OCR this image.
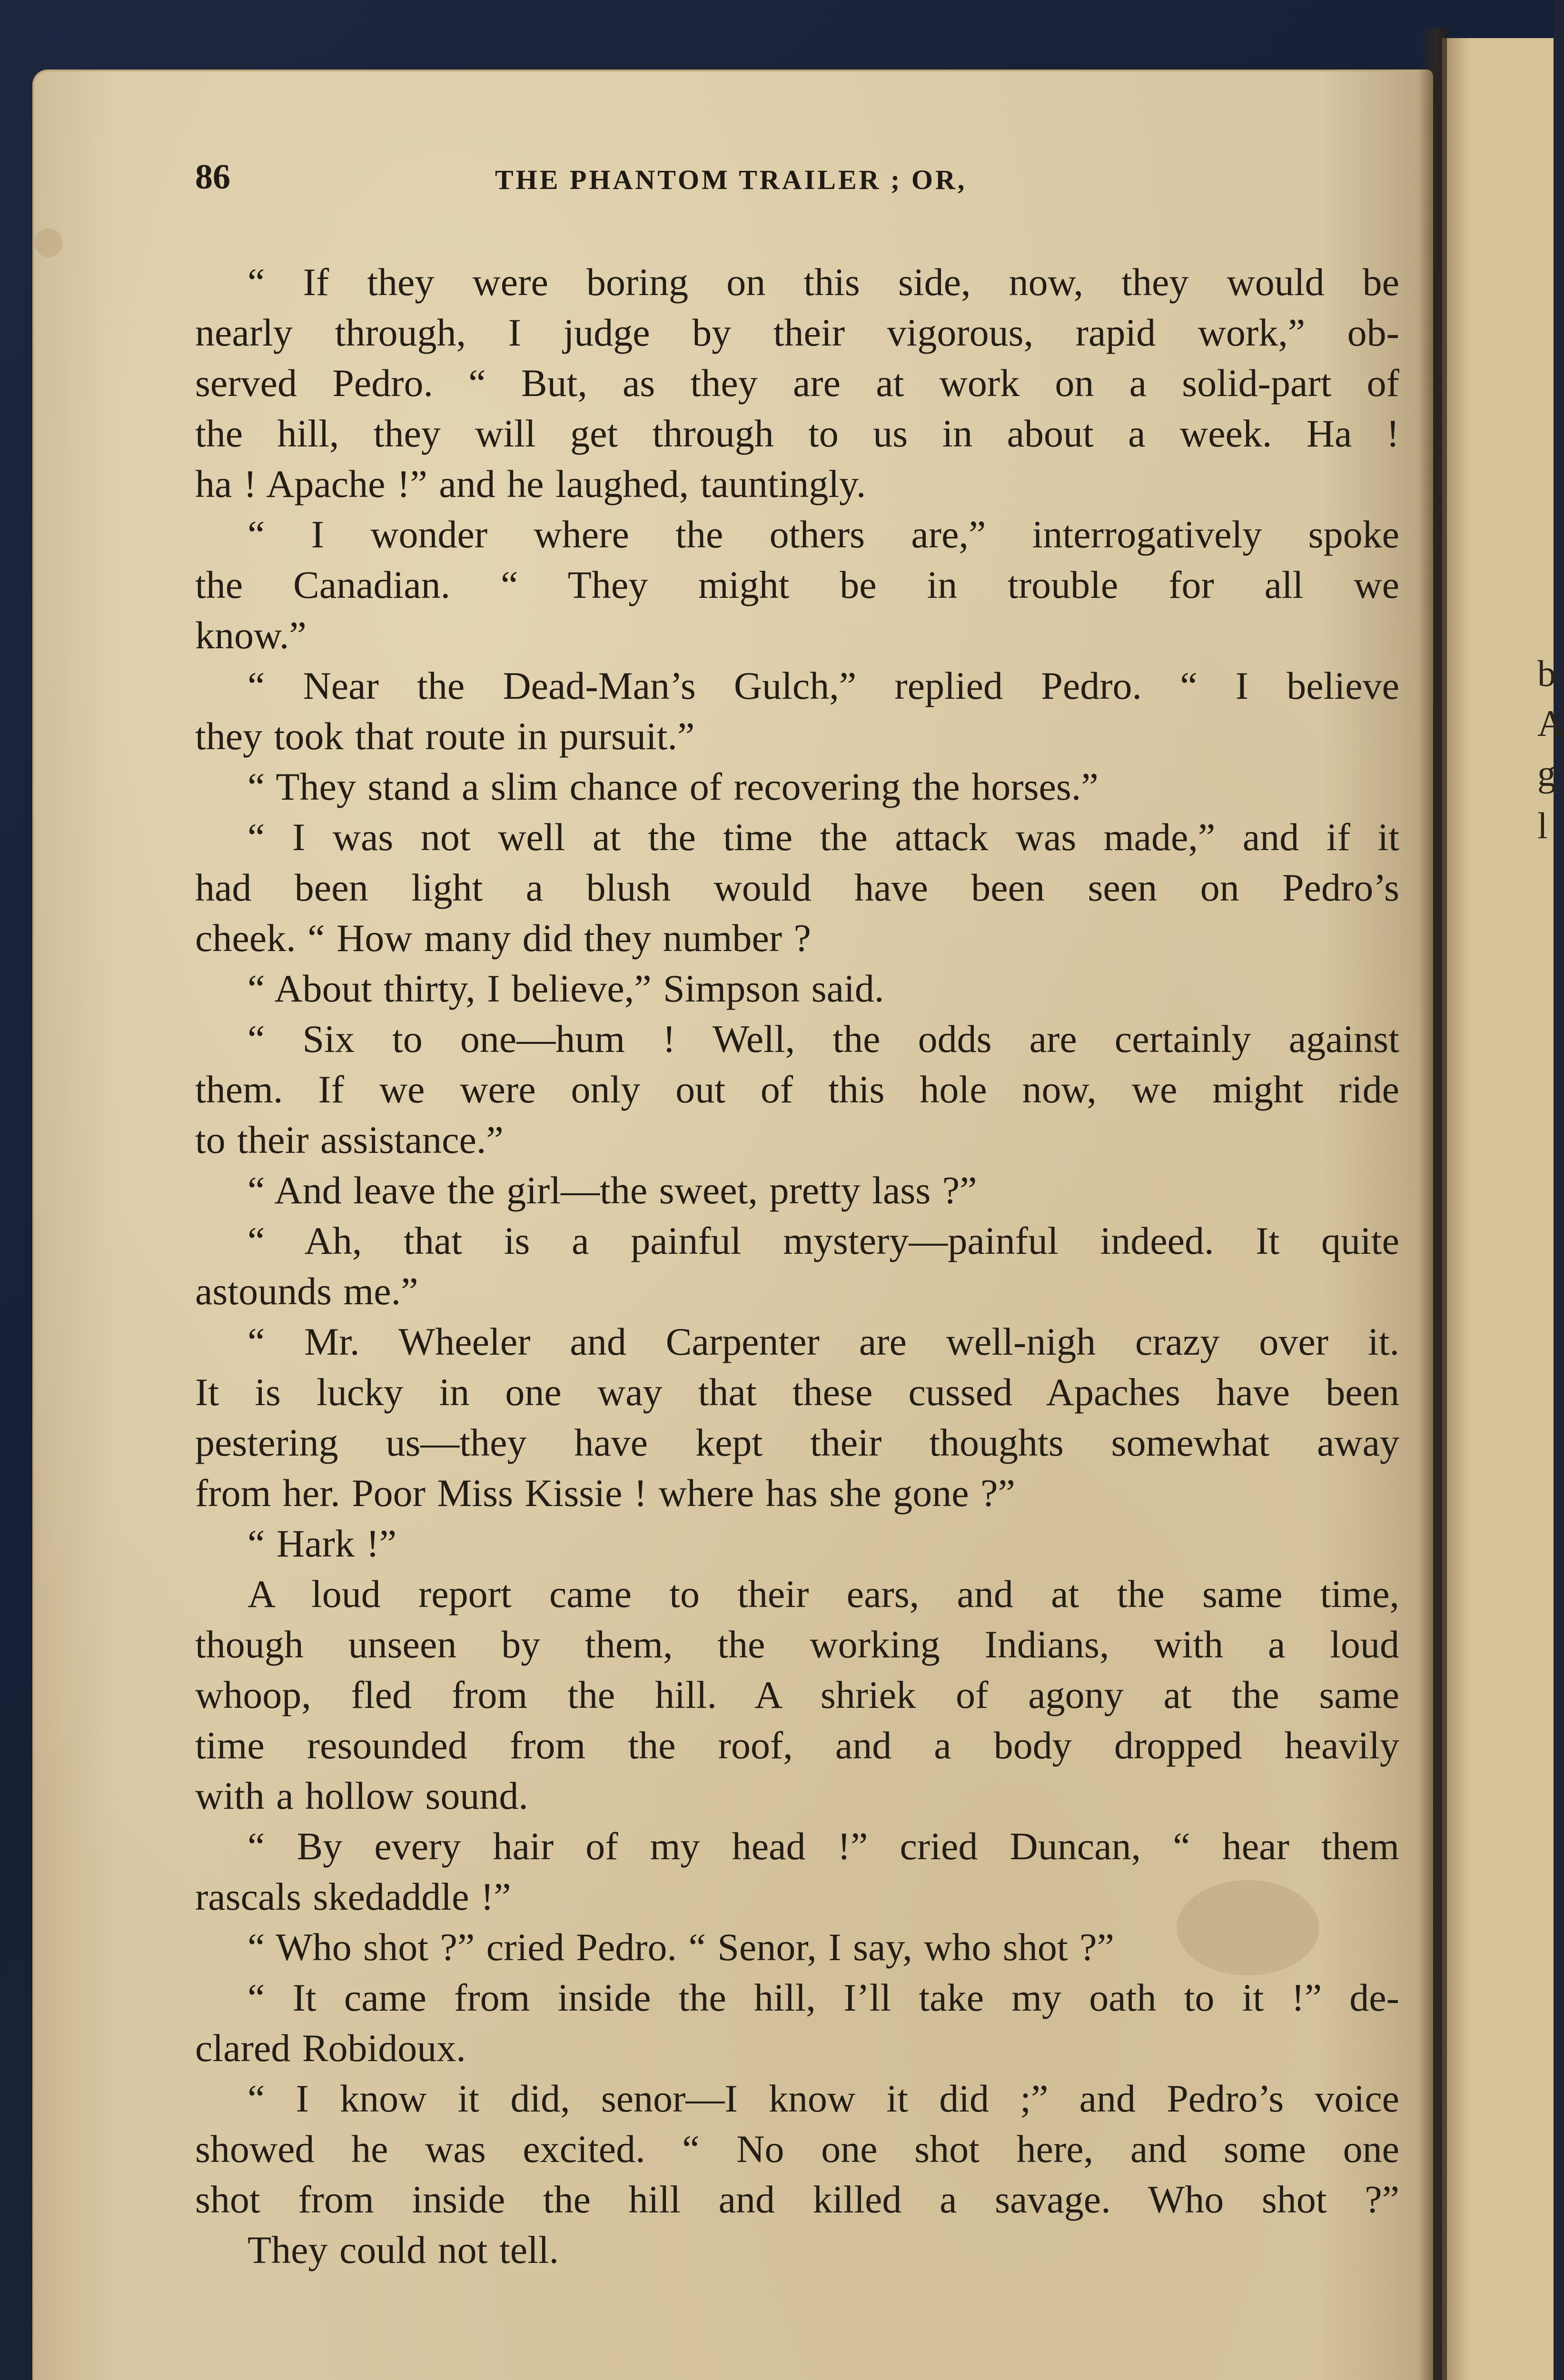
b
A
g
l
86	THE PHANTOM TRAILER ; OR,
“ If they were boring on this side, now, they would be
nearly through, I judge by their vigorous, rapid work,” ob-
served Pedro. “ But, as they are at work on a solid-part of
the hill, they will get through to us in about a week. Ha !
ha ! Apache !” and he laughed, tauntingly.
“ I wonder where the others are,” interrogatively spoke
the Canadian. “ They might be in trouble for all we
know.”
“ Near the Dead-Man’s Gulch,” replied Pedro. “ I believe
they took that route in pursuit.”
“ They stand a slim chance of recovering the horses.”
“ I was not well at the time the attack was made,” and if it
had been light a blush would have been seen on Pedro’s
cheek. “ How many did they number ?
“ About thirty, I believe,” Simpson said.
“ Six to one—hum ! Well, the odds are certainly against
them. If we were only out of this hole now, we might ride
to their assistance.”
“ And leave the girl—the sweet, pretty lass ?”
“ Ah, that is a painful mystery—painful indeed. It quite
astounds me.”
“ Mr. Wheeler and Carpenter are well-nigh crazy over it.
It is lucky in one way that these cussed Apaches have been
pestering us—they have kept their thoughts somewhat away
from her. Poor Miss Kissie ! where has she gone ?”
“ Hark !”
A loud report came to their ears, and at the same time,
though unseen by them, the working Indians, with a loud
whoop, fled from the hill. A shriek of agony at the same
time resounded from the roof, and a body dropped heavily
with a hollow sound.
“ By every hair of my head !” cried Duncan, “ hear them
rascals skedaddle !”
“ Who shot ?” cried Pedro. “ Senor, I say, who shot ?”
“ It came from inside the hill, I’ll take my oath to it !” de-
clared Robidoux.
“ I know it did, senor—I know it did ;” and Pedro’s voice
showed he was excited. “ No one shot here, and some one
shot from inside the hill and killed a savage. Who shot ?”
They could not tell.
